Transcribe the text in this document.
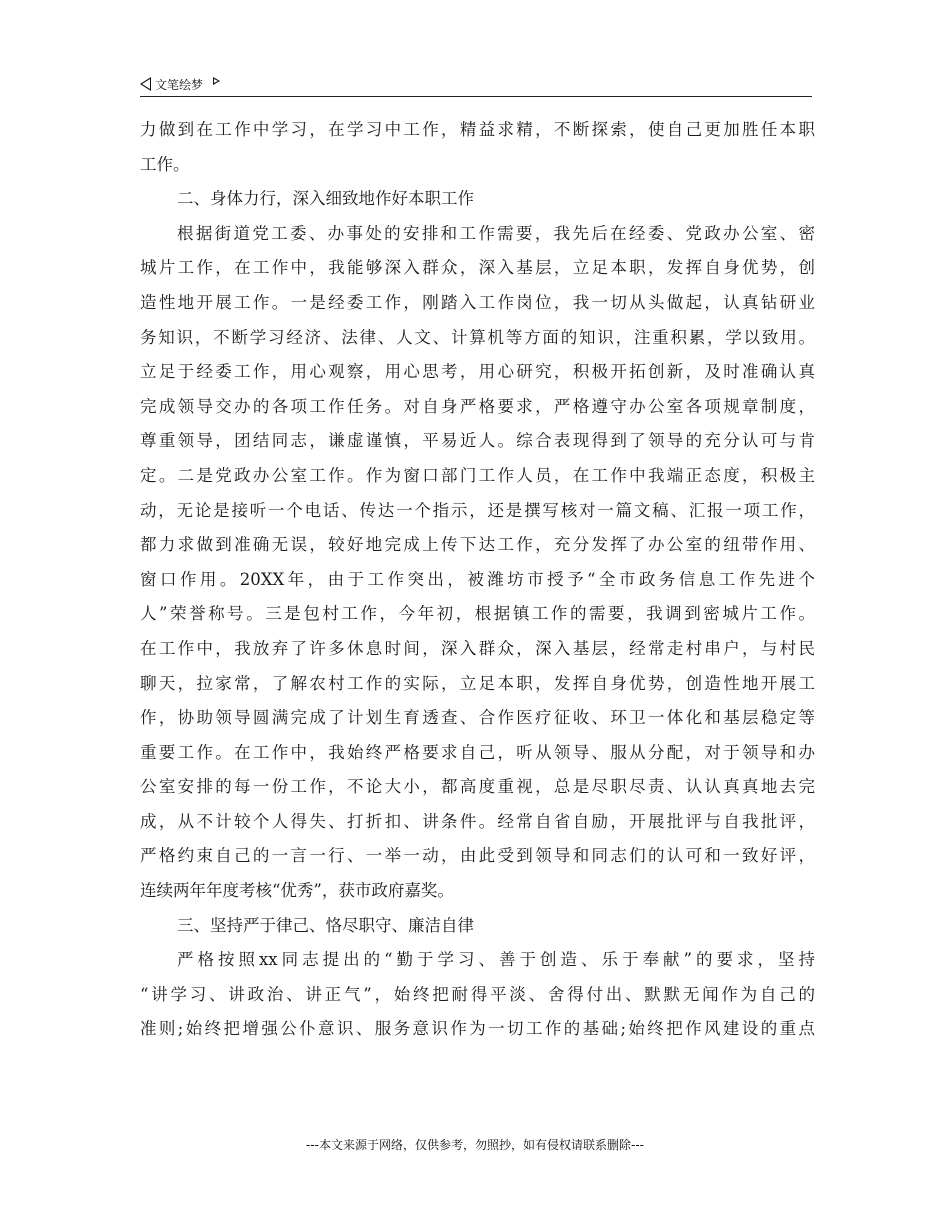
文笔绘梦
力做到在工作中学习，在学习中工作，精益求精，不断探索，使自己更加胜任本职
工作。
二、身体力行，深入细致地作好本职工作
根据街道党工委、办事处的安排和工作需要，我先后在经委、党政办公室、密
城片工作，在工作中，我能够深入群众，深入基层，立足本职，发挥自身优势，创
造性地开展工作。一是经委工作，刚踏入工作岗位，我一切从头做起，认真钻研业
务知识，不断学习经济、法律、人文、计算机等方面的知识，注重积累，学以致用。
立足于经委工作，用心观察，用心思考，用心研究，积极开拓创新，及时准确认真
完成领导交办的各项工作任务。对自身严格要求，严格遵守办公室各项规章制度，
尊重领导，团结同志，谦虚谨慎，平易近人。综合表现得到了领导的充分认可与肯
定。二是党政办公室工作。作为窗口部门工作人员，在工作中我端正态度，积极主
动，无论是接听一个电话、传达一个指示，还是撰写核对一篇文稿、汇报一项工作，
都力求做到准确无误，较好地完成上传下达工作，充分发挥了办公室的纽带作用、
窗口作用。20XX年，由于工作突出，被潍坊市授予“全市政务信息工作先进个
人”荣誉称号。三是包村工作，今年初，根据镇工作的需要，我调到密城片工作。
在工作中，我放弃了许多休息时间，深入群众，深入基层，经常走村串户，与村民
聊天，拉家常，了解农村工作的实际，立足本职，发挥自身优势，创造性地开展工
作，协助领导圆满完成了计划生育透查、合作医疗征收、环卫一体化和基层稳定等
重要工作。在工作中，我始终严格要求自己，听从领导、服从分配，对于领导和办
公室安排的每一份工作，不论大小，都高度重视，总是尽职尽责、认认真真地去完
成，从不计较个人得失、打折扣、讲条件。经常自省自励，开展批评与自我批评，
严格约束自己的一言一行、一举一动，由此受到领导和同志们的认可和一致好评，
连续两年年度考核“优秀”，获市政府嘉奖。
三、坚持严于律己、恪尽职守、廉洁自律
严格按照xx同志提出的“勤于学习、善于创造、乐于奉献”的要求，坚持
“讲学习、讲政治、讲正气”，始终把耐得平淡、舍得付出、默默无闻作为自己的
准则;始终把增强公仆意识、服务意识作为一切工作的基础;始终把作风建设的重点
---本文来源于网络，仅供参考，勿照抄，如有侵权请联系删除---
